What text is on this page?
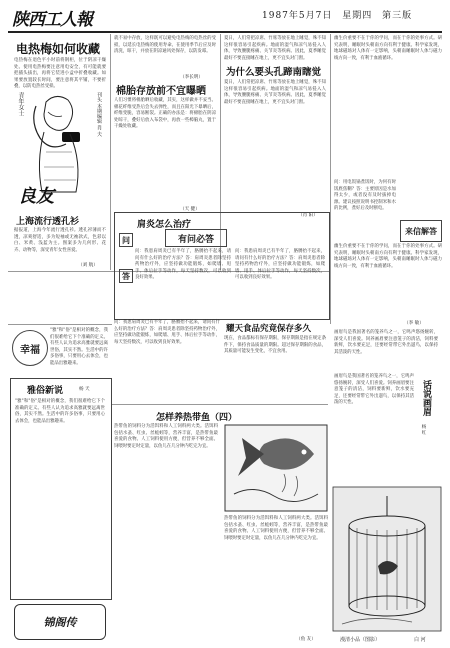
陕西工人報	1987年5月7日 星期四 第三版
电热梅如何收藏
电热梅在退色平小时前将钢柜，位于阴凉干燥处。使用电热梅要注意用电安全，有可能就要把插头拔出，再将它装进小盒中折叠收藏。如果要放置较长时间，要注意将其平铺，不要折叠，以防电热丝受损。
青年女士	刊头 本期编辑 肖 夫
良友
上海流行透孔衫
据报道，上海今年流行透孔衫。透孔衫薄而不透，凉爽舒适，多为短袖或无袖款式，色彩以白、米黄、浅蓝为主。图案多为几何形、花卉、动物等，深受青年女性喜爱。
（刘 航）
就不易中存放，这样既可以避免电热梅的电热丝的受损，以延长电热梅的使用寿命。在使用季节后应及时清洗，晾干，并放在阴凉通风处保存，以防发霉。
（李长明）
棉胎存放前不宜曝晒
人们习惯将棉胎晒后收藏，其实，这样做并不妥当。棉花纤维受热后会失去弹性，而且在阳光下暴晒后，纤维变脆，容易断裂。正确的办法是：将棉胎在阴凉处晾干，叠好后放入布袋中，再放一些樟脑丸，置于干燥处收藏。
（天 健）
为什么要头孔蹄南瞎觉
夏日，人们常把凉席、竹席等放在地上睡觉，殊不知这样很容易引起疾病。地面的湿气和凉气易侵入人体，导致腰腿疼痛、关节炎等疾病。因此，夏季睡觉最好不要直接睡在地上，更不宜头对门窗。
夏日，人们常把凉席、竹席等放在地上睡觉，殊不知这样很容易引起疾病。地面的湿气和凉气易侵入人体，导致腰腿疼痛、关节炎等疾病。因此，夏季睡觉最好不要直接睡在地上，更不宜头对门窗。
（肖 阳）
幽生价重要不在于你的学问，而在于你的处事方式。研究表明，睡眠时头朝南方向有利于健康。科学家发现，地球磁场对人体有一定影响，头朝南睡眠时人体与磁力线方向一致，有利于血液循环。
来信解答
问：用电饭锅煮饭时，为何有时饭底焦糊？答：主要原因是水加得太少，或者没有及时拔掉电源。建议按照说明书控制米和水的比例，煮好后及时断电。
幽生价重要不在于你的学问，而在于你的处事方式。研究表明，睡眠时头朝南方向有利于健康。科学家发现，地球磁场对人体有一定影响，头朝南睡眠时人体与磁力线方向一致，有利于血液循环。
（李 敏）
肩炎怎么治疗
有问必答
问
答
问：我患肩周炎已有半年了，胳膊抬不起来，请问有什么好的治疗方法？答：肩周炎患者除坚持药物治疗外，应坚持做功能锻炼，如爬墙、甩手、体后拉手等动作，每天坚持数次，可以收到良好效果。
问：我患肩周炎已有半年了，胳膊抬不起来，请问有什么好的治疗方法？答：肩周炎患者除坚持药物治疗外，应坚持做功能锻炼，如爬墙、甩手、体后拉手等动作，每天坚持数次，可以收到良好效果。
耀天食品究竟保存多久
现在，食品都标有保存期限，保存期限是指在规定条件下，保持食品质量的期限。超过保存期限的食品，其质量可能发生变化，不宜食用。
问：我患肩周炎已有半年了，胳膊抬不起来，请问有什么好的治疗方法？答：肩周炎患者除坚持药物治疗外，应坚持做功能锻炼，如爬墙、甩手、体后拉手等动作，每天坚持数次，可以收到良好效果。
怎样养热带鱼（四）
热带鱼的饲料分为活饵料和人工饲料两大类。活饵料包括水蚤、红虫、丝蚯蚓等，营养丰富，是热带鱼最喜爱的食物。人工饲料使用方便，但营养不够全面。饲喂时要定时定量，以鱼儿在几分钟内吃完为宜。
热带鱼的饲料分为活饵料和人工饲料两大类。活饵料包括水蚤、红虫、丝蚯蚓等，营养丰富，是热带鱼最喜爱的食物。人工饲料使用方便，但营养不够全面。饲喂时要定时定量，以鱼儿在几分钟内吃完为宜。
（鱼 友）
幸福
"雅"和"俗"是相对的概念，我们很难给它下个准确的定义。有些人认为追求高雅就要远离世俗，其实不然。生活中的许多俗事，只要用心去体会，也能品出雅趣来。
雅俗新说	杨 天
"雅"和"俗"是相对的概念，我们很难给它下个准确的定义。有些人认为追求高雅就要远离世俗，其实不然。生活中的许多俗事，只要用心去体会，也能品出雅趣来。
锦阁传
话说画眉
杨 红
画眉鸟是我国著名的笼养鸟之一，它鸣声悠扬婉转，深受人们喜爱。饲养画眉要注意笼子的清洁，饲料要新鲜，饮水要充足，还要经常带它外出遛鸟，以保持其活泼的天性。
画眉鸟是我国著名的笼养鸟之一，它鸣声悠扬婉转，深受人们喜爱。饲养画眉要注意笼子的清洁，饲料要新鲜，饮水要充足，还要经常带它外出遛鸟，以保持其活泼的天性。
漫清小品（图影）	白 河
